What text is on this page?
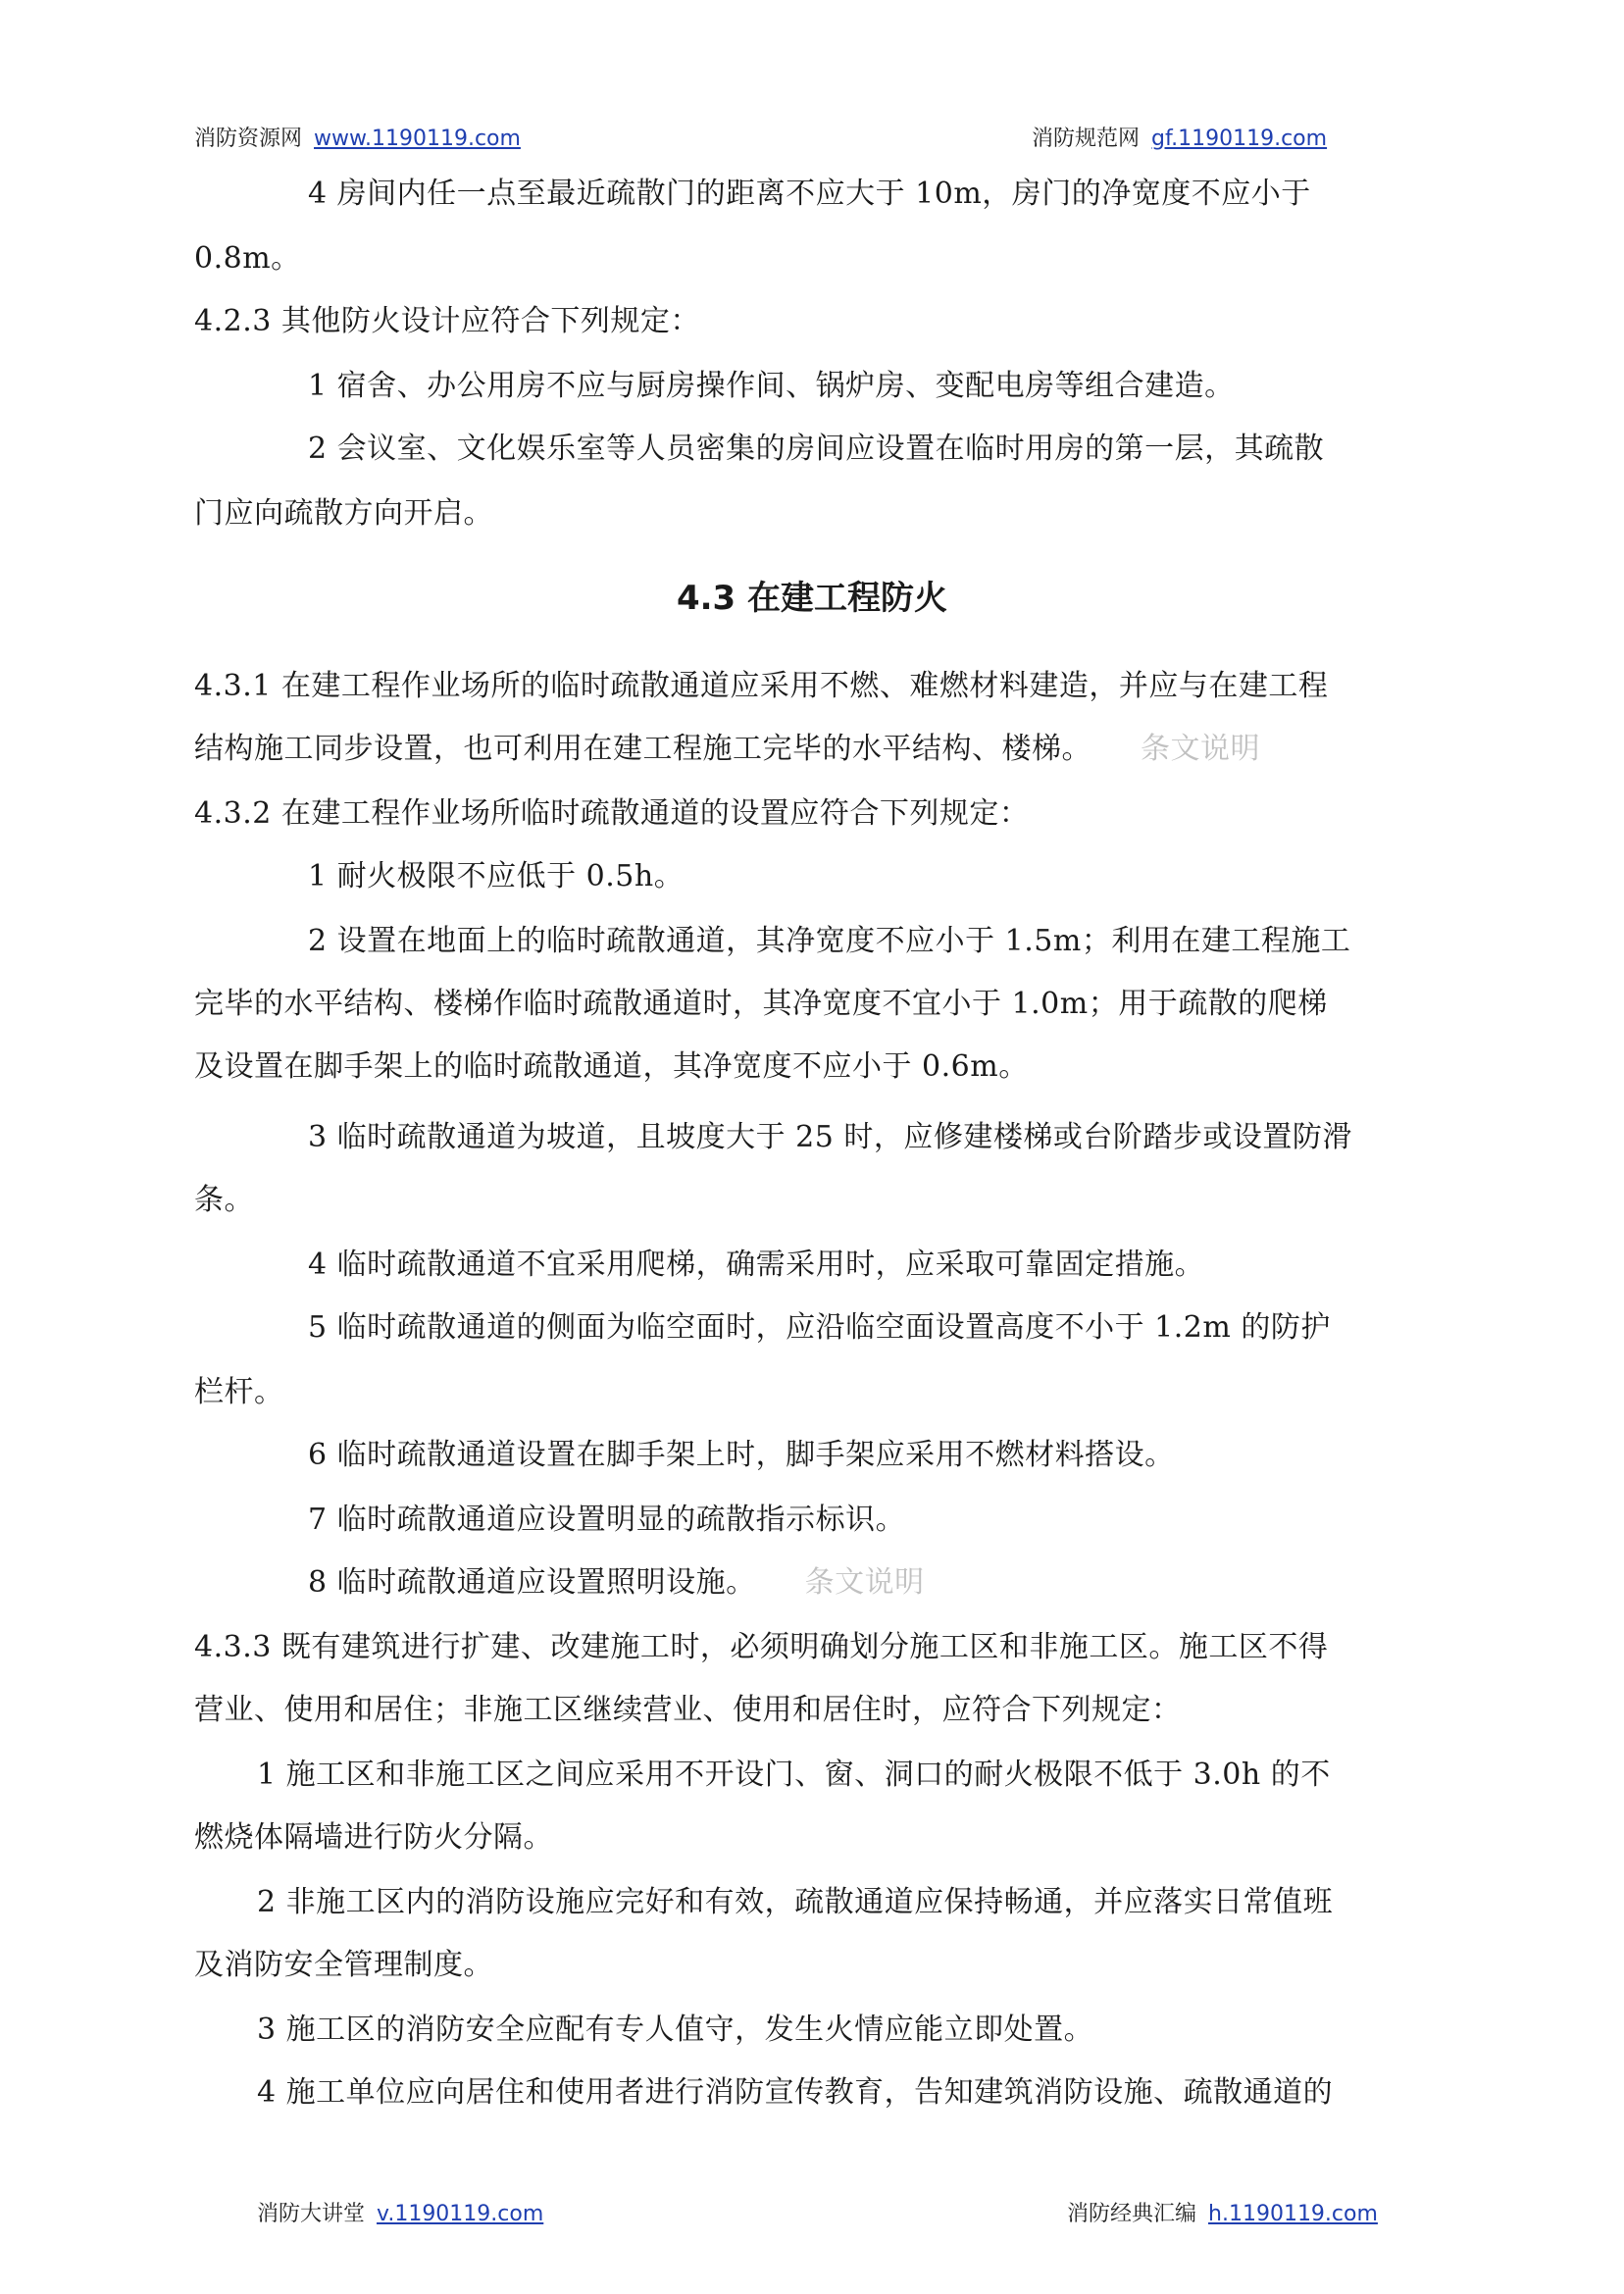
消防资源网 www.1190119.com	消防规范网 gf.1190119.com
4 房间内任一点至最近疏散门的距离不应大于 10m，房门的净宽度不应小于
0.8m。
4.2.3 其他防火设计应符合下列规定：
1 宿舍、办公用房不应与厨房操作间、锅炉房、变配电房等组合建造。
2 会议室、文化娱乐室等人员密集的房间应设置在临时用房的第一层，其疏散
门应向疏散方向开启。
4.3 在建工程防火
4.3.1 在建工程作业场所的临时疏散通道应采用不燃、难燃材料建造，并应与在建工程
结构施工同步设置，也可利用在建工程施工完毕的水平结构、楼梯。 条文说明
4.3.2 在建工程作业场所临时疏散通道的设置应符合下列规定：
1 耐火极限不应低于 0.5h。
2 设置在地面上的临时疏散通道，其净宽度不应小于 1.5m；利用在建工程施工
完毕的水平结构、楼梯作临时疏散通道时，其净宽度不宜小于 1.0m；用于疏散的爬梯
及设置在脚手架上的临时疏散通道，其净宽度不应小于 0.6m。
3 临时疏散通道为坡道，且坡度大于 25 时，应修建楼梯或台阶踏步或设置防滑
条。
4 临时疏散通道不宜采用爬梯，确需采用时，应采取可靠固定措施。
5 临时疏散通道的侧面为临空面时，应沿临空面设置高度不小于 1.2m 的防护
栏杆。
6 临时疏散通道设置在脚手架上时，脚手架应采用不燃材料搭设。
7 临时疏散通道应设置明显的疏散指示标识。
8 临时疏散通道应设置照明设施。 条文说明
4.3.3 既有建筑进行扩建、改建施工时，必须明确划分施工区和非施工区。施工区不得
营业、使用和居住；非施工区继续营业、使用和居住时，应符合下列规定：
1 施工区和非施工区之间应采用不开设门、窗、洞口的耐火极限不低于 3.0h 的不
燃烧体隔墙进行防火分隔。
2 非施工区内的消防设施应完好和有效，疏散通道应保持畅通，并应落实日常值班
及消防安全管理制度。
3 施工区的消防安全应配有专人值守，发生火情应能立即处置。
4 施工单位应向居住和使用者进行消防宣传教育，告知建筑消防设施、疏散通道的
消防大讲堂 v.1190119.com	消防经典汇编 h.1190119.com
